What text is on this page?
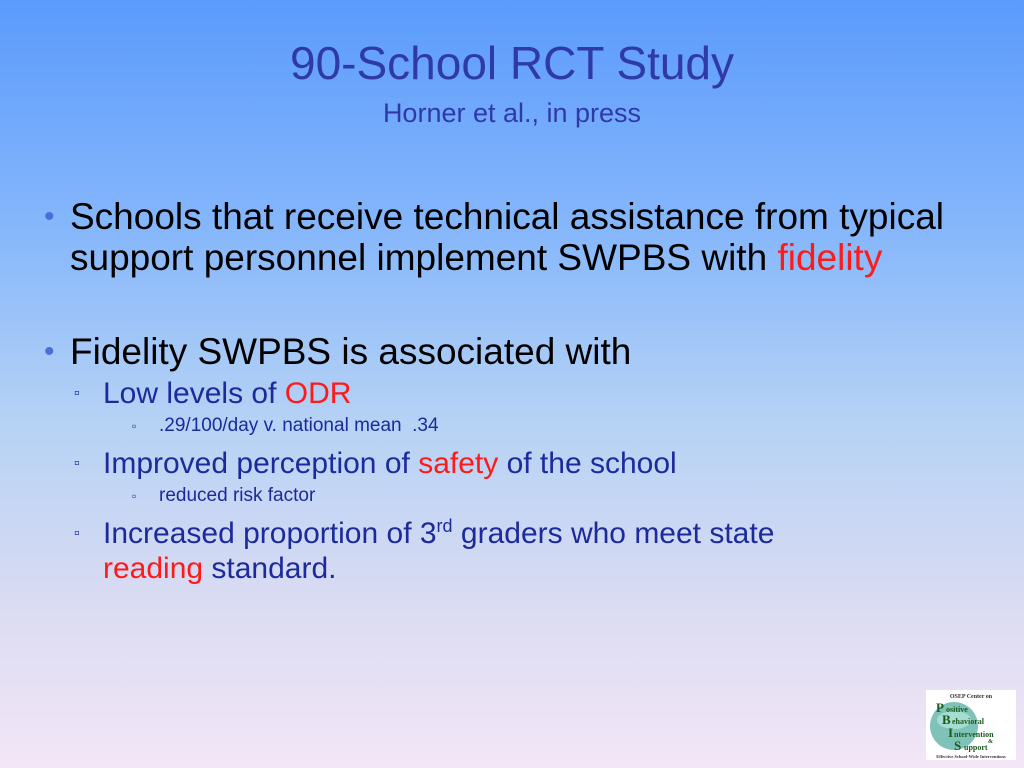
90-School RCT Study
Horner et al., in press
• Schools that receive technical assistance from typical support personnel implement SWPBS with fidelity
• Fidelity SWPBS is associated with
▫ Low levels of ODR
▫ .29/100/day v. national mean  .34
▫ Improved perception of safety of the school
▫ reduced risk factor
▫ Increased proportion of 3rd graders who meet state
reading standard.
OSEP Center on
P ositive
B ehavioral
I ntervention
&
S upport
Effective School-Wide Interventions
